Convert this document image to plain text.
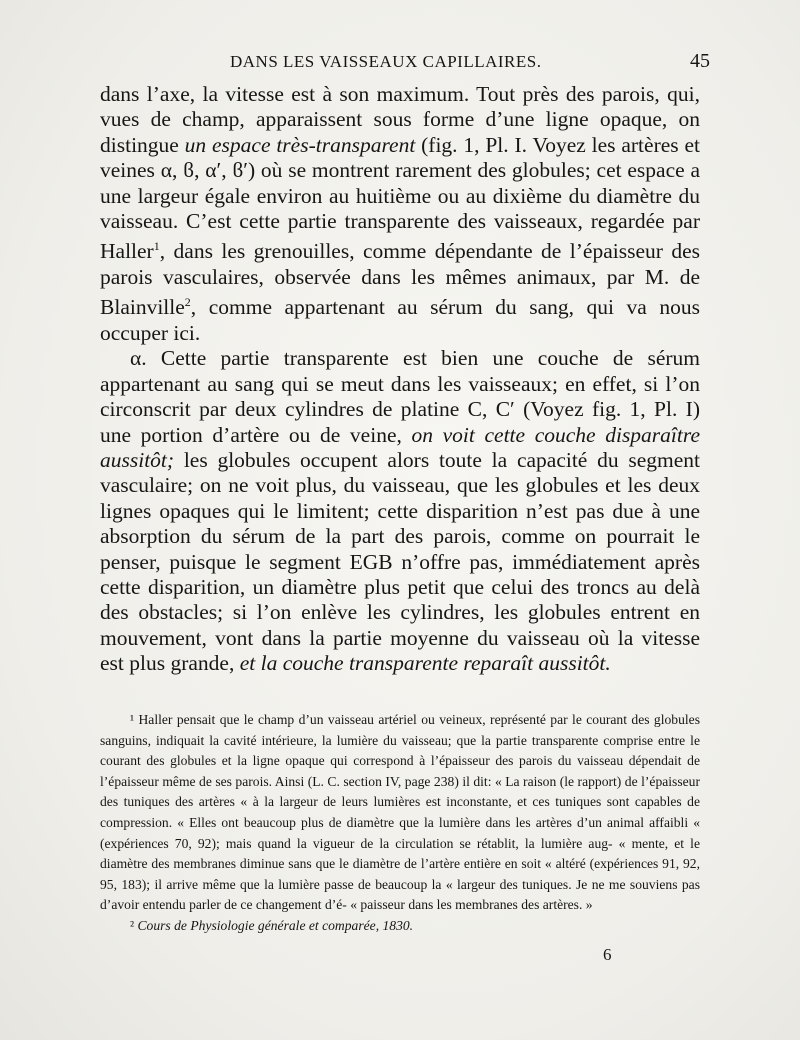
DANS LES VAISSEAUX CAPILLAIRES.	45

dans l’axe, la vitesse est à son maximum. Tout près des parois, qui, vues de champ, apparaissent sous forme d’une ligne opaque, on distingue un espace très-transparent (fig. 1, Pl. I. Voyez les artères et veines α, ϐ, α′, ϐ′) où se montrent rarement des globules; cet espace a une largeur égale environ au huitième ou au dixième du diamètre du vaisseau. C’est cette partie transparente des vaisseaux, regardée par Haller$^1$, dans les grenouilles, comme dépendante de l’épaisseur des parois vasculaires, observée dans les mêmes animaux, par M. de Blainville$^2$, comme appartenant au sérum du sang, qui va nous occuper ici.

α. Cette partie transparente est bien une couche de sérum appartenant au sang qui se meut dans les vaisseaux; en effet, si l’on circonscrit par deux cylindres de platine C, C′ (Voyez fig. 1, Pl. I) une portion d’artère ou de veine, on voit cette couche disparaître aussitôt; les globules occupent alors toute la capacité du segment vasculaire; on ne voit plus, du vaisseau, que les globules et les deux lignes opaques qui le limitent; cette disparition n’est pas due à une absorption du sérum de la part des parois, comme on pourrait le penser, puisque le segment EGB n’offre pas, immédiatement après cette disparition, un diamètre plus petit que celui des troncs au delà des obstacles; si l’on enlève les cylindres, les globules entrent en mouvement, vont dans la partie moyenne du vaisseau où la vitesse est plus grande, et la couche transparente reparaît aussitôt.

¹ Haller pensait que le champ d’un vaisseau artériel ou veineux, représenté par le courant des globules sanguins, indiquait la cavité intérieure, la lumière du vaisseau; que la partie transparente comprise entre le courant des globules et la ligne opaque qui correspond à l’épaisseur des parois du vaisseau dépendait de l’épaisseur même de ses parois. Ainsi (L. C. section IV, page 238) il dit: « La raison (le rapport) de l’épaisseur des tuniques des artères « à la largeur de leurs lumières est inconstante, et ces tuniques sont capables de compression. « Elles ont beaucoup plus de diamètre que la lumière dans les artères d’un animal affaibli « (expériences 70, 92); mais quand la vigueur de la circulation se rétablit, la lumière aug- « mente, et le diamètre des membranes diminue sans que le diamètre de l’artère entière en soit « altéré (expériences 91, 92, 95, 183); il arrive même que la lumière passe de beaucoup la « largeur des tuniques. Je ne me souviens pas d’avoir entendu parler de ce changement d’é- « paisseur dans les membranes des artères. »

² Cours de Physiologie générale et comparée, 1830.

6
